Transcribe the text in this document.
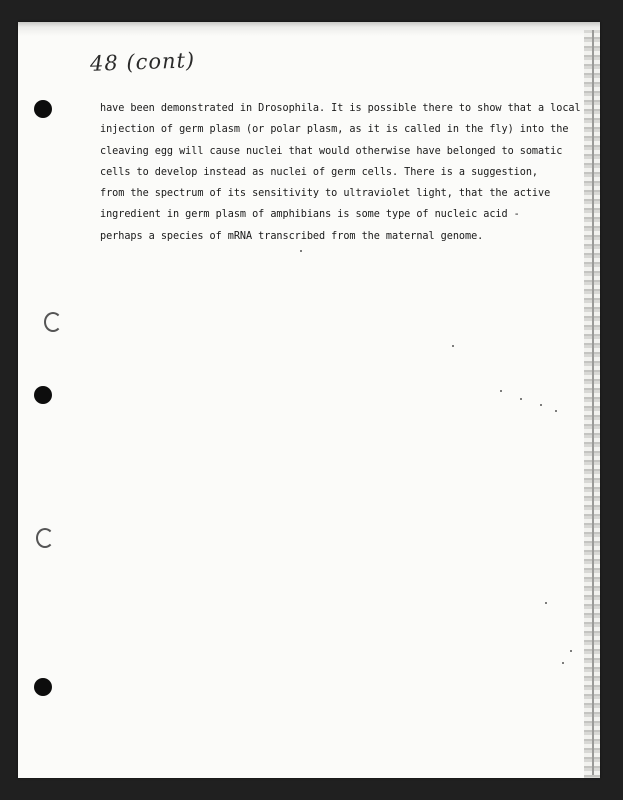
48 (cont)
have been demonstrated in Drosophila. It is possible there to show that a local
injection of germ plasm (or polar plasm, as it is called in the fly) into the
cleaving egg will cause nuclei that would otherwise have belonged to somatic
cells to develop instead as nuclei of germ cells. There is a suggestion,
from the spectrum of its sensitivity to ultraviolet light, that the active
ingredient in germ plasm of amphibians is some type of nucleic acid -
perhaps a species of mRNA transcribed from the maternal genome.
